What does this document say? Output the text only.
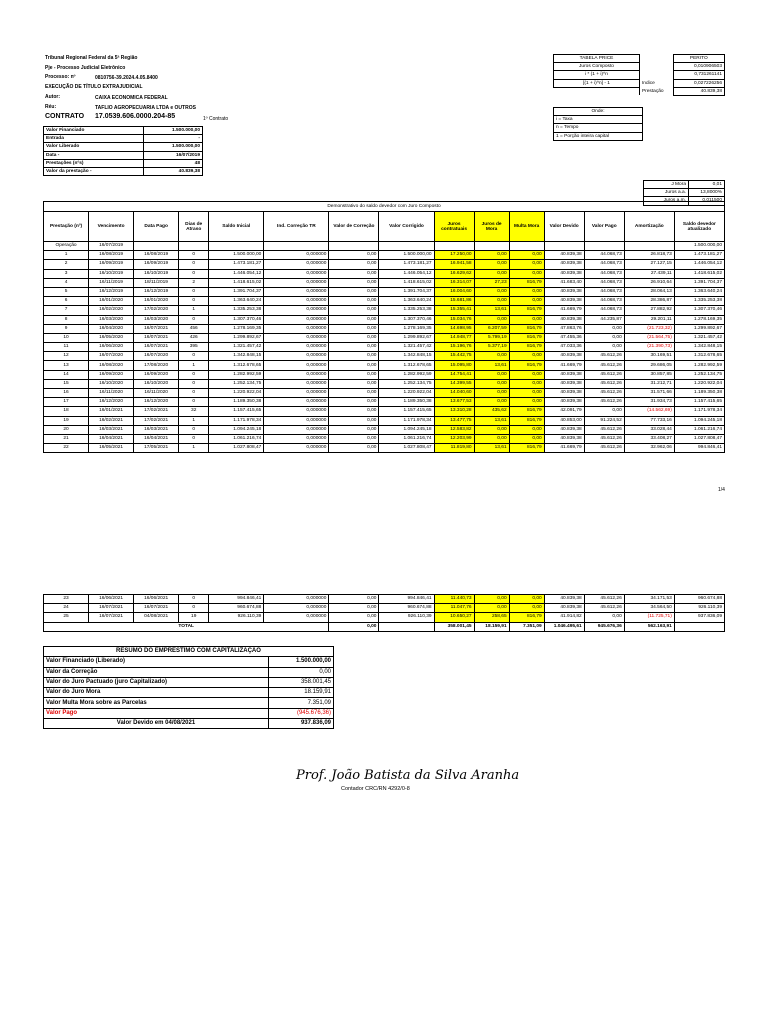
Tribunal Regional Federal da 5ª Região
Pje - Processo Judicial Eletrônico
Processo: nº	0810756-39.2024.4.05.8400
EXECUÇÃO DE TÍTULO EXTRAJUDICIAL
Autor:	CAIXA ECONOMICA FEDERAL
Réu:	TAFLIO AGROPECUARIA LTDA e OUTROS
CONTRATO 17.0539.606.0000.204-85	1º Contrato
Valor Financiado	1.500.000,00
Entrada	-
Valor Liberado	1.500.000,00
Data -	16/07/2019
Prestações (nºs)	48
Valor da prestação -	40.839,38
TABELA PRICE		PERITO
Juros Composto		0,010906503
i * (1 + i)^n		0,731261141
[(1 + i)^n] - 1	Indice	0,027226256
	Prestação	40.839,38
Onde:
i = Taxa
n = Tempo
1 = Porção inteira capital
J Mora	0,01
Juros a.a.	13,8000%
Juros a.m.	0,011500
Demonstrativo do saldo devedor com Juro Composto														
Prestação (nº)	Vencimento	Data Pago	Dias de Atraso	Saldo Inicial	Ind. Correção TR	Valor de Correção	Valor Corrigido	Juros contratuais	Juros de Mora	Multa Mora	Valor Devido	Valor Pago	Amortização	Saldo devedor atualizado
Operação	16/07/2019													1.500.000,00
1	16/08/2019	16/08/2019	0	1.500.000,00	0,000000	0,00	1.500.000,00	17.250,00	0,00	0,00	40.839,38	44.068,73	26.818,73	1.473.181,27
2	16/09/2019	16/09/2019	0	1.473.181,27	0,000000	0,00	1.473.181,27	16.941,58	0,00	0,00	40.839,38	44.068,73	27.127,15	1.446.054,12
3	16/10/2019	16/10/2019	0	1.446.054,12	0,000000	0,00	1.446.054,12	16.629,62	0,00	0,00	40.839,38	44.068,73	27.439,11	1.418.615,02
4	16/11/2019	18/11/2019	2	1.418.615,02	0,000000	0,00	1.418.615,02	16.314,07	27,23	816,79	41.683,40	44.068,73	26.910,64	1.391.704,37
5	16/12/2019	16/12/2019	0	1.391.704,37	0,000000	0,00	1.391.704,37	16.004,60	0,00	0,00	40.839,38	44.068,73	28.064,13	1.363.640,24
6	16/01/2020	16/01/2020	0	1.363.640,24	0,000000	0,00	1.363.640,24	15.681,86	0,00	0,00	40.839,38	44.068,73	28.386,87	1.335.253,38
7	16/02/2020	17/02/2020	1	1.335.253,38	0,000000	0,00	1.335.253,38	15.355,41	13,61	816,79	41.669,79	44.068,73	27.882,92	1.307.370,46
8	16/03/2020	16/03/2020	0	1.307.370,46	0,000000	0,00	1.307.370,46	15.034,76	0,00	0,00	40.839,38	44.235,87	29.201,11	1.278.169,35
9	16/04/2020	16/07/2021	456	1.278.169,35	0,000000	0,00	1.278.169,35	14.698,95	6.207,59	816,79	47.863,76	0,00	(21.723,32)	1.299.892,67
10	16/05/2020	16/07/2021	426	1.299.892,67	0,000000	0,00	1.299.892,67	14.948,77	5.799,19	816,79	47.455,36	0,00	(21.564,75)	1.321.457,42
11	16/06/2020	16/07/2021	395	1.321.457,42	0,000000	0,00	1.321.457,42	15.196,76	5.377,19	816,79	47.033,36	0,00	(21.390,73)	1.342.848,15
12	16/07/2020	16/07/2020	0	1.342.848,15	0,000000	0,00	1.342.848,15	15.442,75	0,00	0,00	40.839,38	45.612,26	30.169,51	1.312.678,65
13	16/08/2020	17/08/2020	1	1.312.678,65	0,000000	0,00	1.312.678,65	15.095,80	13,61	816,79	41.669,79	45.612,26	29.686,05	1.282.992,59
14	16/09/2020	16/09/2020	0	1.282.992,59	0,000000	0,00	1.282.992,59	14.754,41	0,00	0,00	40.839,38	45.612,26	30.857,85	1.252.134,75
15	16/10/2020	16/10/2020	0	1.252.134,75	0,000000	0,00	1.252.134,75	14.399,55	0,00	0,00	40.839,38	45.612,26	31.212,71	1.220.922,04
16	16/11/2020	16/11/2020	0	1.220.922,04	0,000000	0,00	1.220.922,04	14.040,60	0,00	0,00	40.839,38	45.612,26	31.571,66	1.189.350,38
17	16/12/2020	16/12/2020	0	1.189.350,38	0,000000	0,00	1.189.350,38	13.677,53	0,00	0,00	40.839,38	45.612,26	31.934,73	1.157.415,65
18	16/01/2021	17/02/2021	32	1.157.415,65	0,000000	0,00	1.157.415,65	13.310,28	435,62	816,79	42.091,79	0,00	(14.562,69)	1.171.978,34
19	16/02/2021	17/02/2021	1	1.171.978,34	0,000000	0,00	1.171.978,34	13.477,75	13,61	816,79	40.853,00	91.224,52	77.733,16	1.094.245,18
20	16/03/2021	16/03/2021	0	1.094.245,18	0,000000	0,00	1.094.245,18	12.583,82	0,00	0,00	40.839,38	45.612,26	33.028,44	1.061.216,74
21	16/04/2021	16/04/2021	0	1.061.216,74	0,000000	0,00	1.061.216,74	12.203,99	0,00	0,00	40.839,38	45.612,26	33.408,27	1.027.808,47
22	16/05/2021	17/05/2021	1	1.027.808,47	0,000000	0,00	1.027.808,47	11.819,80	13,61	816,79	41.669,79	45.612,26	32.962,06	994.846,41
1/4
23	16/06/2021	16/06/2021	0	994.846,41	0,000000	0,00	994.846,41	11.440,73	0,00	0,00	40.839,38	45.612,26	34.171,53	960.674,88
24	16/07/2021	16/07/2021	0	960.674,88	0,000000	0,00	960.674,88	11.047,76	0,00	0,00	40.839,38	45.612,26	34.564,50	926.110,39
25	16/07/2021	04/08/2021	19	926.110,39	0,000000	0,00	926.110,39	10.650,27	258,65	816,79	41.914,82	0,00	(11.725,71)	937.836,09
TOTAL						0,00		358.001,45	18.159,91	7.351,09	1.046.495,61	945.676,36	562.163,91	
RESUMO DO EMPRESTIMO COM CAPITALIZAÇÃO	
Valor Financiado (Liberado)	1.500.000,00
Valor da Correção	0,00
Valor do Juro Pactuado (juro Capitalizado)	358.001,45
Valor do Juro Mora	18.159,91
Valor Multa Mora sobre as Parcelas	7.351,09
Valor Pago	(945.676,36)
Valor Devido em 04/08/2021	937.836,09
Prof. João Batista da Silva Aranha
Contador CRC/RN 4292/0-8
